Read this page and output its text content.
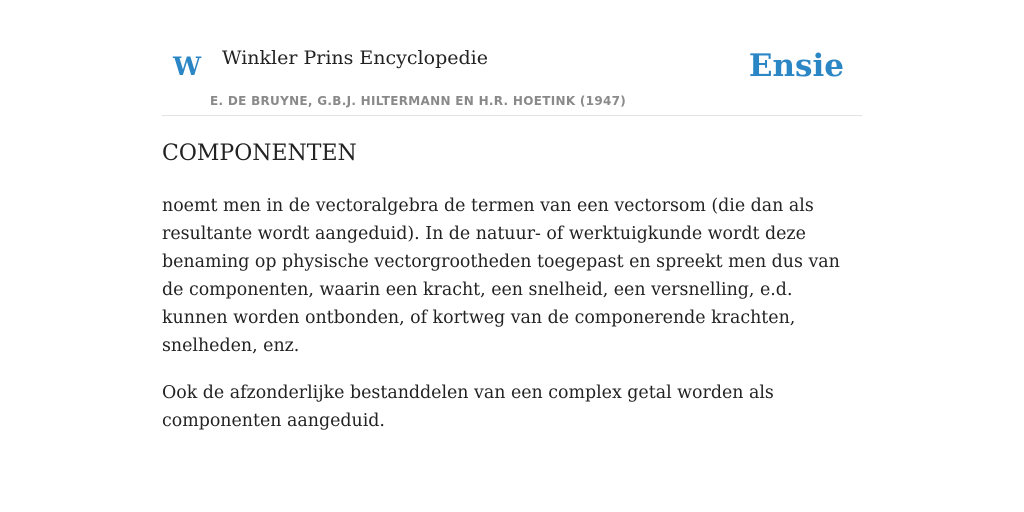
W Winkler Prins Encyclopedie
E. DE BRUYNE, G.B.J. HILTERMANN EN H.R. HOETINK (1947)
Ensie
COMPONENTEN

noemt men in de vectoralgebra de termen van een vectorsom (die dan als resultante wordt aangeduid). In de natuur- of werktuigkunde wordt deze benaming op physische vectorgrootheden toegepast en spreekt men dus van de componenten, waarin een kracht, een snelheid, een versnelling, e.d. kunnen worden ontbonden, of kortweg van de componerende krachten, snelheden, enz.

Ook de afzonderlijke bestanddelen van een complex getal worden als componenten aangeduid.
